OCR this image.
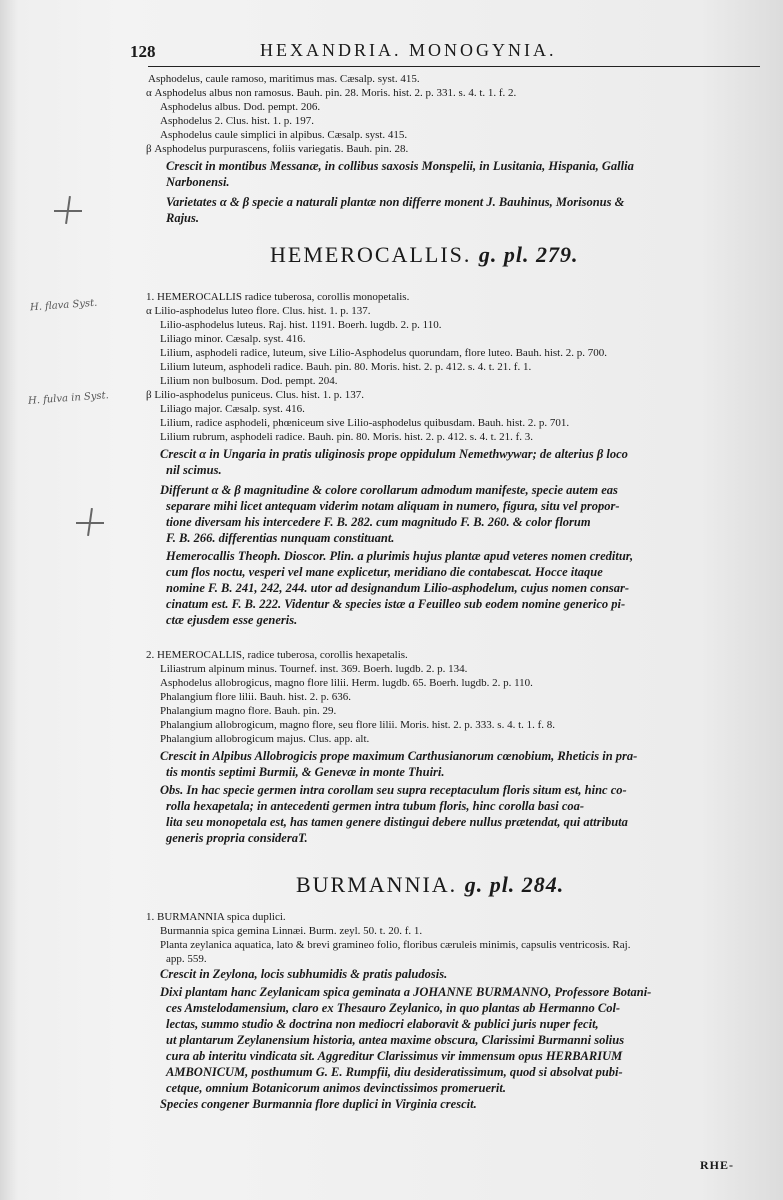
128	HEXANDRIA. MONOGYNIA.
H. flava Syst.
H. fulva in Syst.
Asphodelus, caule ramoso, maritimus mas. Cæsalp. syst. 415.
α Asphodelus albus non ramosus. Bauh. pin. 28. Moris. hist. 2. p. 331. s. 4. t. 1. f. 2.
Asphodelus albus. Dod. pempt. 206.
Asphodelus 2. Clus. hist. 1. p. 197.
Asphodelus caule simplici in alpibus. Cæsalp. syst. 415.
β Asphodelus purpurascens, foliis variegatis. Bauh. pin. 28.
Crescit in montibus Messanæ, in collibus saxosis Monspelii, in Lusitania, Hispania, Gallia
Narbonensi.
Varietates α & β specie a naturali plantæ non differre monent J. Bauhinus, Morisonus &
Rajus.
HEMEROCALLIS. g. pl. 279.
1. HEMEROCALLIS radice tuberosa, corollis monopetalis.
α Lilio-asphodelus luteo flore. Clus. hist. 1. p. 137.
Lilio-asphodelus luteus. Raj. hist. 1191. Boerh. lugdb. 2. p. 110.
Liliago minor. Cæsalp. syst. 416.
Lilium, asphodeli radice, luteum, sive Lilio-Asphodelus quorundam, flore luteo. Bauh. hist. 2. p. 700.
Lilium luteum, asphodeli radice. Bauh. pin. 80. Moris. hist. 2. p. 412. s. 4. t. 21. f. 1.
Lilium non bulbosum. Dod. pempt. 204.
β Lilio-asphodelus puniceus. Clus. hist. 1. p. 137.
Liliago major. Cæsalp. syst. 416.
Lilium, radice asphodeli, phœniceum sive Lilio-asphodelus quibusdam. Bauh. hist. 2. p. 701.
Lilium rubrum, asphodeli radice. Bauh. pin. 80. Moris. hist. 2. p. 412. s. 4. t. 21. f. 3.
Crescit α in Ungaria in pratis uliginosis prope oppidulum Nemethwywar; de alterius β loco
nil scimus.
Differunt α & β magnitudine & colore corollarum admodum manifeste, specie autem eas
separare mihi licet antequam viderim notam aliquam in numero, figura, situ vel propor-
tione diversam his intercedere F. B. 282. cum magnitudo F. B. 260. & color florum
F. B. 266. differentias nunquam constituant.
Hemerocallis Theoph. Dioscor. Plin. a plurimis hujus plantæ apud veteres nomen creditur,
cum flos noctu, vesperi vel mane explicetur, meridiano die contabescat. Hocce itaque
nomine F. B. 241, 242, 244. utor ad designandum Lilio-asphodelum, cujus nomen consar-
cinatum est. F. B. 222. Videntur & species istæ a Feuilleo sub eodem nomine generico pi-
ctæ ejusdem esse generis.
2. HEMEROCALLIS, radice tuberosa, corollis hexapetalis.
Liliastrum alpinum minus. Tournef. inst. 369. Boerh. lugdb. 2. p. 134.
Asphodelus allobrogicus, magno flore lilii. Herm. lugdb. 65. Boerh. lugdb. 2. p. 110.
Phalangium flore lilii. Bauh. hist. 2. p. 636.
Phalangium magno flore. Bauh. pin. 29.
Phalangium allobrogicum, magno flore, seu flore lilii. Moris. hist. 2. p. 333. s. 4. t. 1. f. 8.
Phalangium allobrogicum majus. Clus. app. alt.
Crescit in Alpibus Allobrogicis prope maximum Carthusianorum cœnobium, Rheticis in pra-
tis montis septimi Burmii, & Genevæ in monte Thuiri.
Obs. In hac specie germen intra corollam seu supra receptaculum floris situm est, hinc co-
rolla hexapetala; in antecedenti germen intra tubum floris, hinc corolla basi coa-
lita seu monopetala est, has tamen genere distingui debere nullus prætendat, qui attributa
generis propria consideraT.
BURMANNIA. g. pl. 284.
1. BURMANNIA spica duplici.
Burmannia spica gemina Linnæi. Burm. zeyl. 50. t. 20. f. 1.
Planta zeylanica aquatica, lato & brevi gramineo folio, floribus cæruleis minimis, capsulis ventricosis. Raj.
app. 559.
Crescit in Zeylona, locis subhumidis & pratis paludosis.
Dixi plantam hanc Zeylanicam spica geminata a JOHANNE BURMANNO, Professore Botani-
ces Amstelodamensium, claro ex Thesauro Zeylanico, in quo plantas ab Hermanno Col-
lectas, summo studio & doctrina non mediocri elaboravit & publici juris nuper fecit,
ut plantarum Zeylanensium historia, antea maxime obscura, Clarissimi Burmanni solius
cura ab interitu vindicata sit. Aggreditur Clarissimus vir immensum opus HERBARIUM
AMBONICUM, posthumum G. E. Rumpfii, diu desideratissimum, quod si absolvat pubi-
cetque, omnium Botanicorum animos devinctissimos promeruerit.
Species congener Burmannia flore duplici in Virginia crescit.
RHE-
